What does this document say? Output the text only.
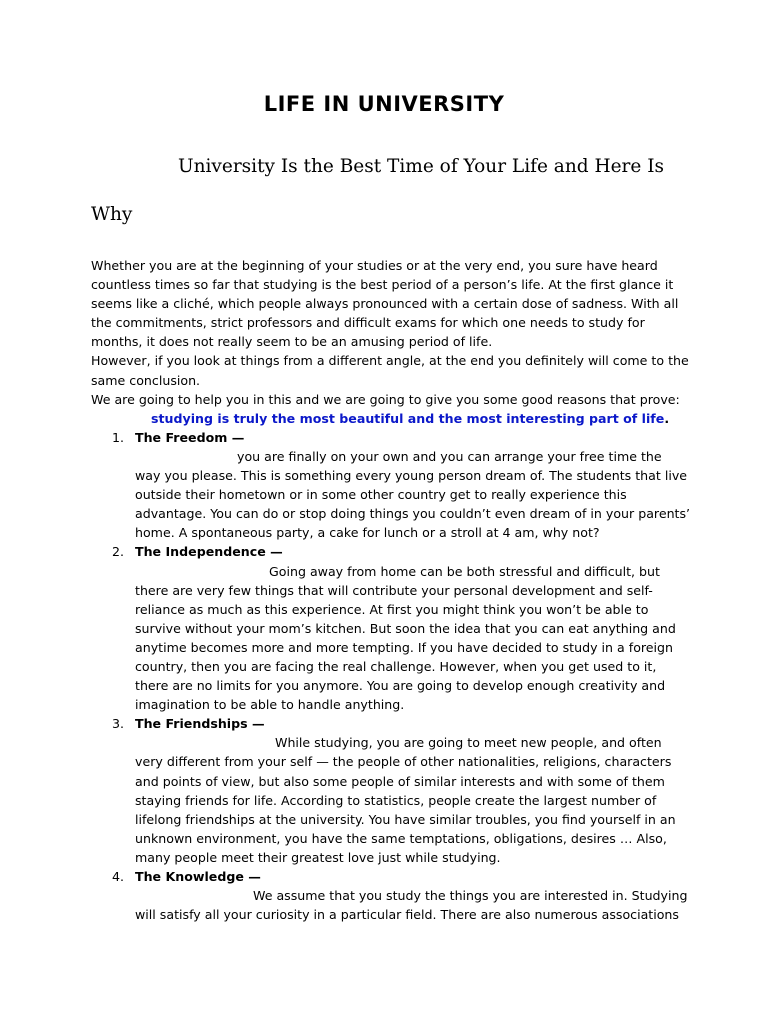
LIFE IN UNIVERSITY
University Is the Best Time of Your Life and Here Is
Why

Whether you are at the beginning of your studies or at the very end, you sure have heard countless times so far that studying is the best period of a person’s life. At the first glance it seems like a cliché, which people always pronounced with a certain dose of sadness. With all the commitments, strict professors and difficult exams for which one needs to study for months, it does not really seem to be an amusing period of life.

However, if you look at things from a different angle, at the end you definitely will come to the same conclusion.

We are going to help you in this and we are going to give you some good reasons that prove:

studying is truly the most beautiful and the most interesting part of life.

1. The Freedom —
you are finally on your own and you can arrange your free time the way you please. This is something every young person dream of. The students that live outside their hometown or in some other country get to really experience this advantage. You can do or stop doing things you couldn’t even dream of in your parents’ home. A spontaneous party, a cake for lunch or a stroll at 4 am, why not?
2. The Independence —
Going away from home can be both stressful and difficult, but there are very few things that will contribute your personal development and self-reliance as much as this experience. At first you might think you won’t be able to survive without your mom’s kitchen. But soon the idea that you can eat anything and anytime becomes more and more tempting. If you have decided to study in a foreign country, then you are facing the real challenge. However, when you get used to it, there are no limits for you anymore. You are going to develop enough creativity and imagination to be able to handle anything.
3. The Friendships —
While studying, you are going to meet new people, and often very different from your self — the people of other nationalities, religions, characters and points of view, but also some people of similar interests and with some of them staying friends for life. According to statistics, people create the largest number of lifelong friendships at the university. You have similar troubles, you find yourself in an unknown environment, you have the same temptations, obligations, desires … Also, many people meet their greatest love just while studying.
4. The Knowledge —
We assume that you study the things you are interested in. Studying will satisfy all your curiosity in a particular field. There are also numerous associations
